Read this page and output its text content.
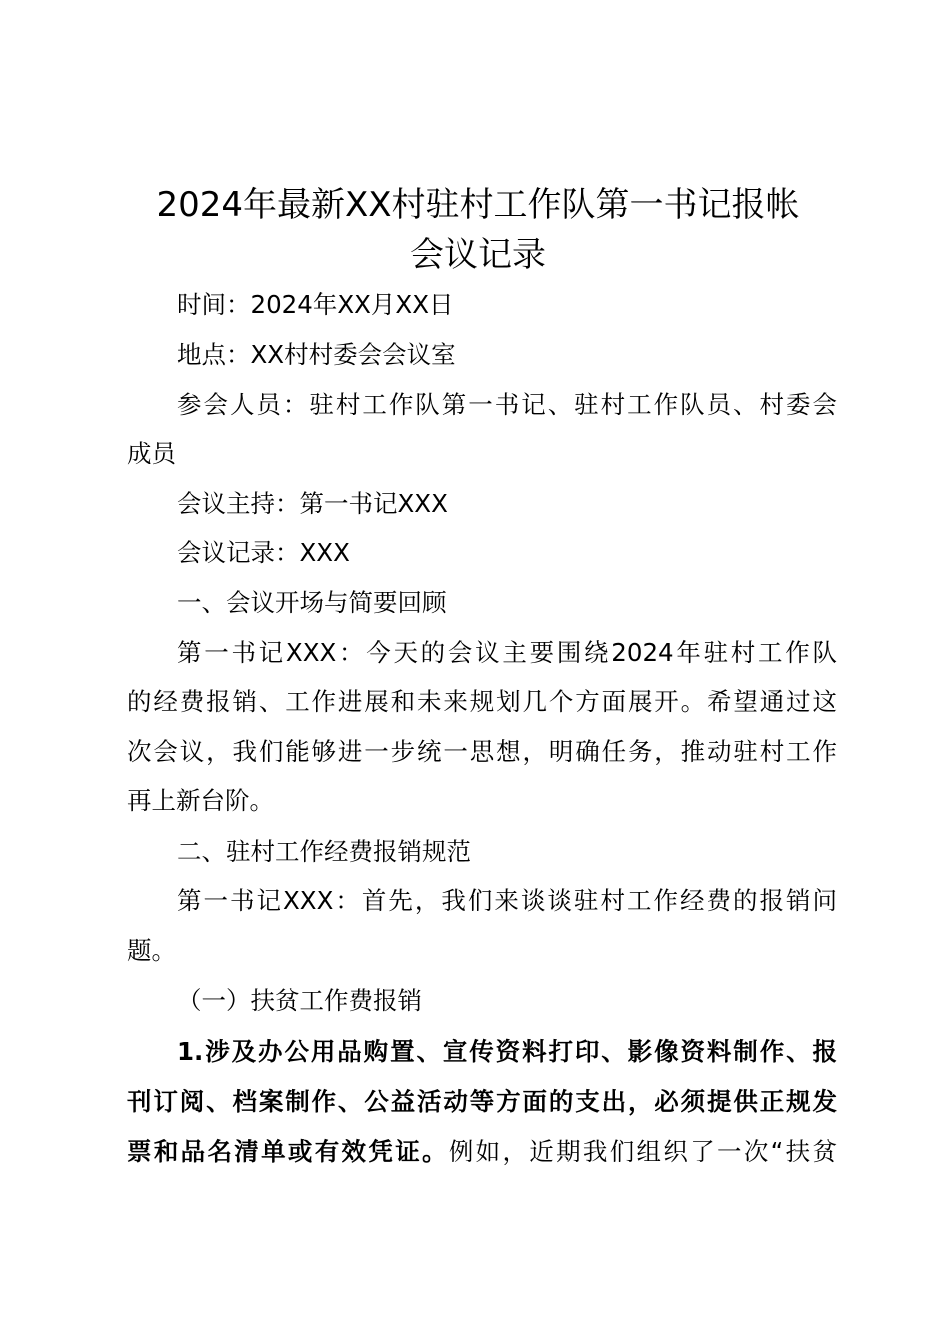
2024年最新XX村驻村工作队第一书记报帐
会议记录

时间：2024年XX月XX日

地点：XX村村委会会议室

参会人员：驻村工作队第一书记、驻村工作队员、村委会

成员

会议主持：第一书记XXX

会议记录：XXX

一、会议开场与简要回顾

第一书记XXX：今天的会议主要围绕2024年驻村工作队

的经费报销、工作进展和未来规划几个方面展开。希望通过这

次会议，我们能够进一步统一思想，明确任务，推动驻村工作

再上新台阶。

二、驻村工作经费报销规范

第一书记XXX：首先，我们来谈谈驻村工作经费的报销问

题。

（一）扶贫工作费报销

1.涉及办公用品购置、宣传资料打印、影像资料制作、报

刊订阅、档案制作、公益活动等方面的支出，必须提供正规发

票和品名清单或有效凭证。例如，近期我们组织了一次“扶贫
